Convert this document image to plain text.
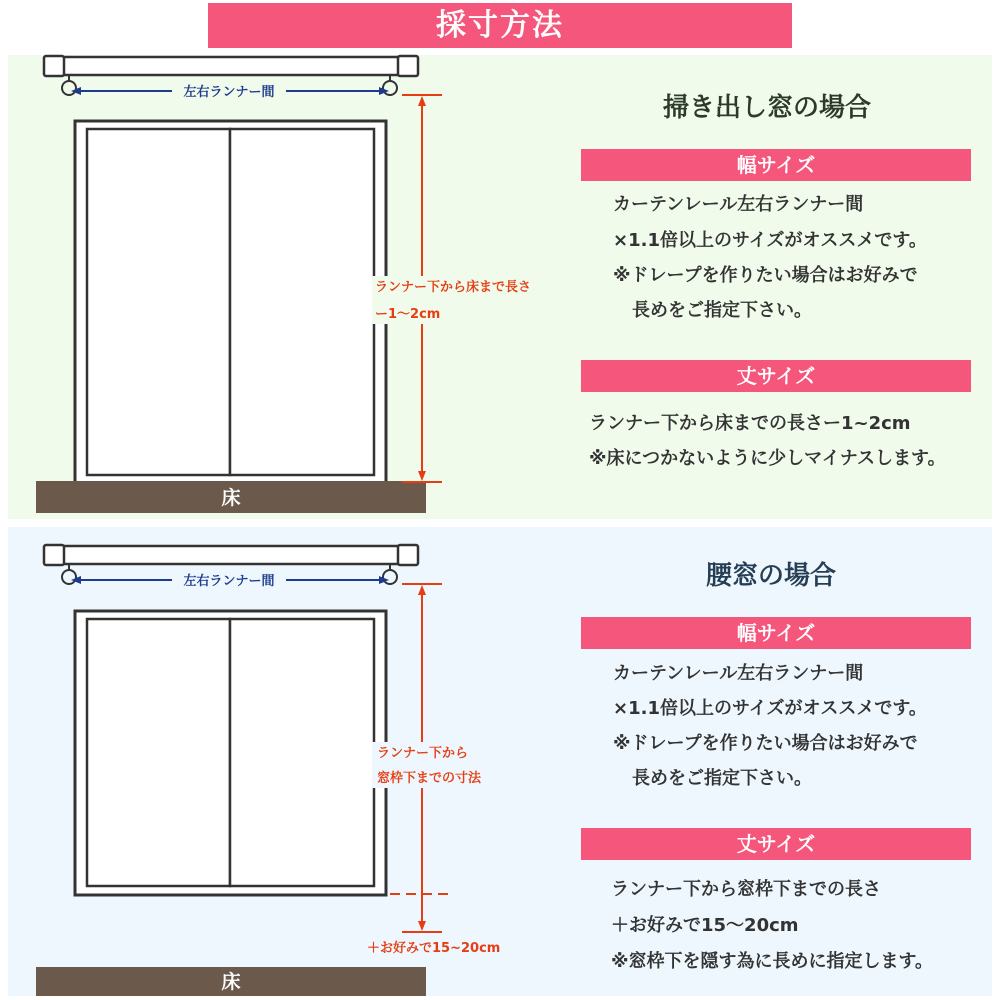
採寸方法
掃き出し窓の場合
幅サイズ
カーテンレール左右ランナー間
×1.1倍以上のサイズがオススメです。
※ドレープを作りたい場合はお好みで
長めをご指定下さい。
丈サイズ
ランナー下から床までの長さー1~2cm
※床につかないように少しマイナスします。
腰窓の場合
幅サイズ
カーテンレール左右ランナー間
×1.1倍以上のサイズがオススメです。
※ドレープを作りたい場合はお好みで
長めをご指定下さい。
丈サイズ
ランナー下から窓枠下までの長さ
＋お好みで15～20cm
※窓枠下を隠す為に長めに指定します。
左右ランナー間
床
ランナー下から床まで長さ
ー1～2cm
左右ランナー間
床
ランナー下から
窓枠下までの寸法
＋お好みで15~20cm
